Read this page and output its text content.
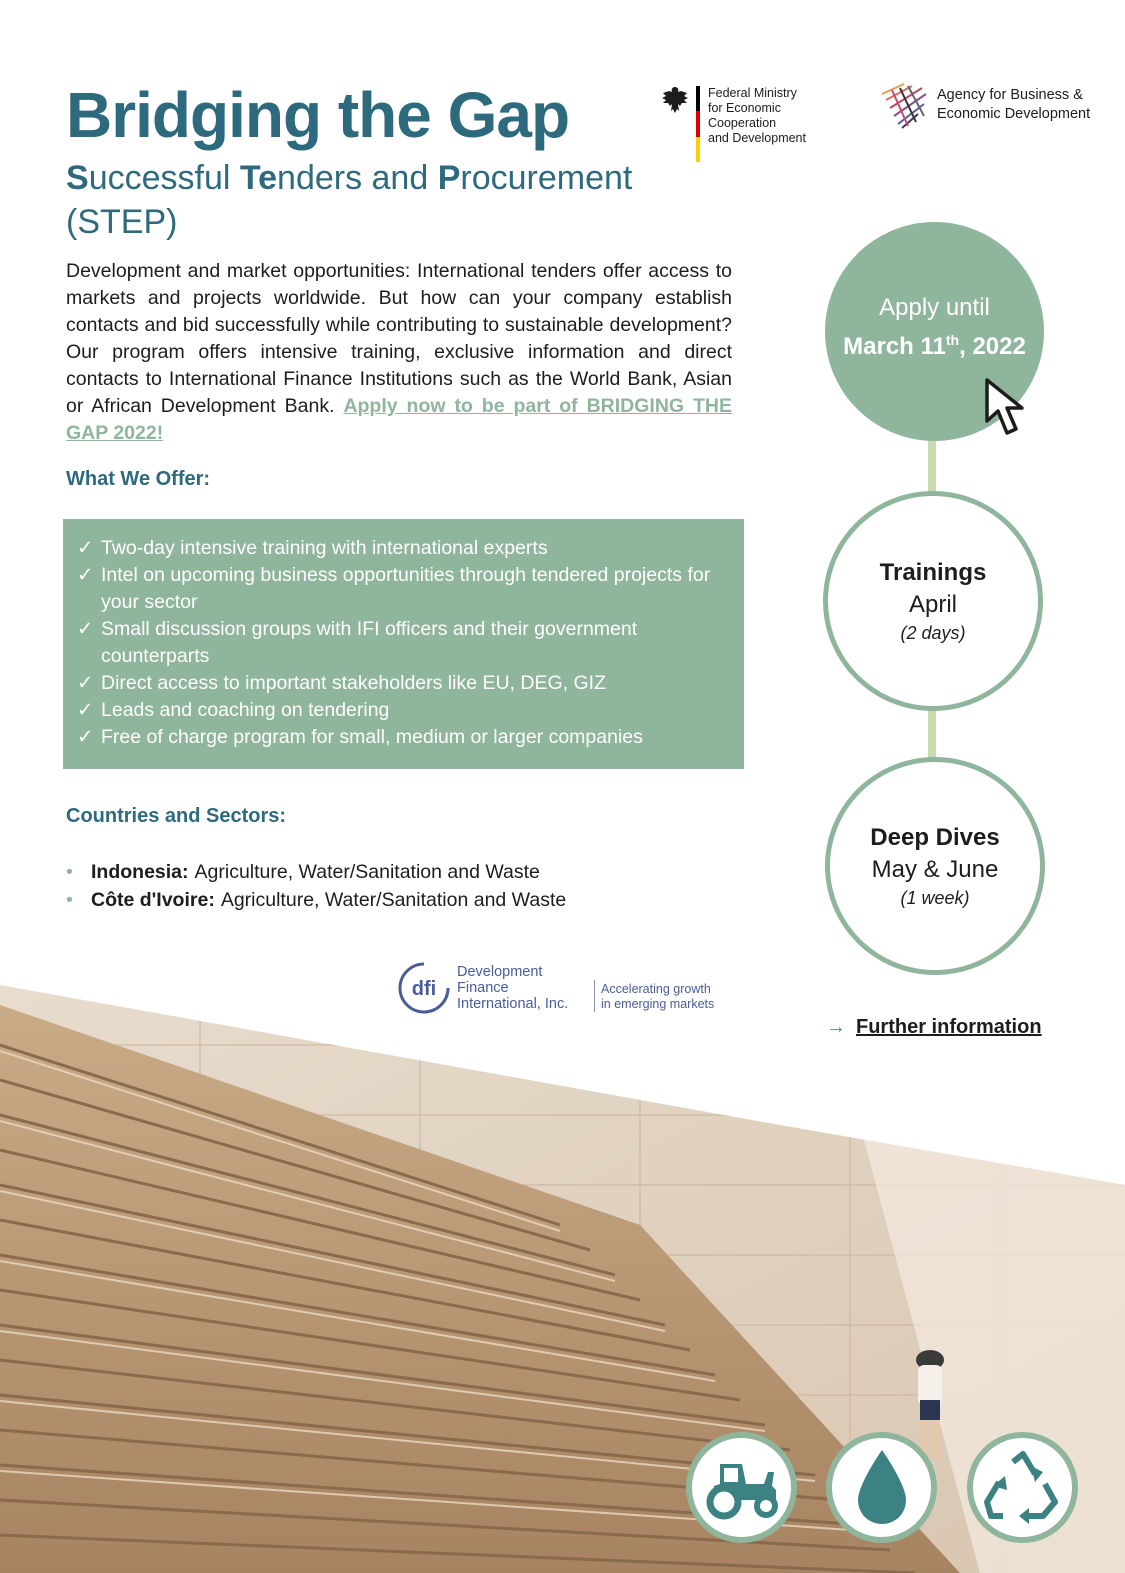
Bridging the Gap
Successful Tenders and Procurement
(STEP)
Federal Ministry
for Economic Cooperation
and Development
Agency for Business &
Economic Development

Development and market opportunities: International tenders offer access to markets and projects worldwide. But how can your company establish contacts and bid successfully while contributing to sustainable development? Our program offers intensive training, exclusive information and direct contacts to International Finance Institutions such as the World Bank, Asian or African Development Bank. Apply now to be part of BRIDGING THE GAP 2022!

What We Offer:
✓ Two-day intensive training with international experts
✓ Intel on upcoming business opportunities through tendered projects for your sector
✓ Small discussion groups with IFI officers and their government counterparts
✓ Direct access to important stakeholders like EU, DEG, GIZ
✓ Leads and coaching on tendering
✓ Free of charge program for small, medium or larger companies
Countries and Sectors:
• Indonesia: Agriculture, Water/Sanitation and Waste
• Côte d'Ivoire: Agriculture, Water/Sanitation and Waste
Apply until
March 11th, 2022
Trainings
April
(2 days)
Deep Dives
May & June
(1 week)
dfi
Development
Finance
International, Inc.
Accelerating growth
in emerging markets
→ Further information
